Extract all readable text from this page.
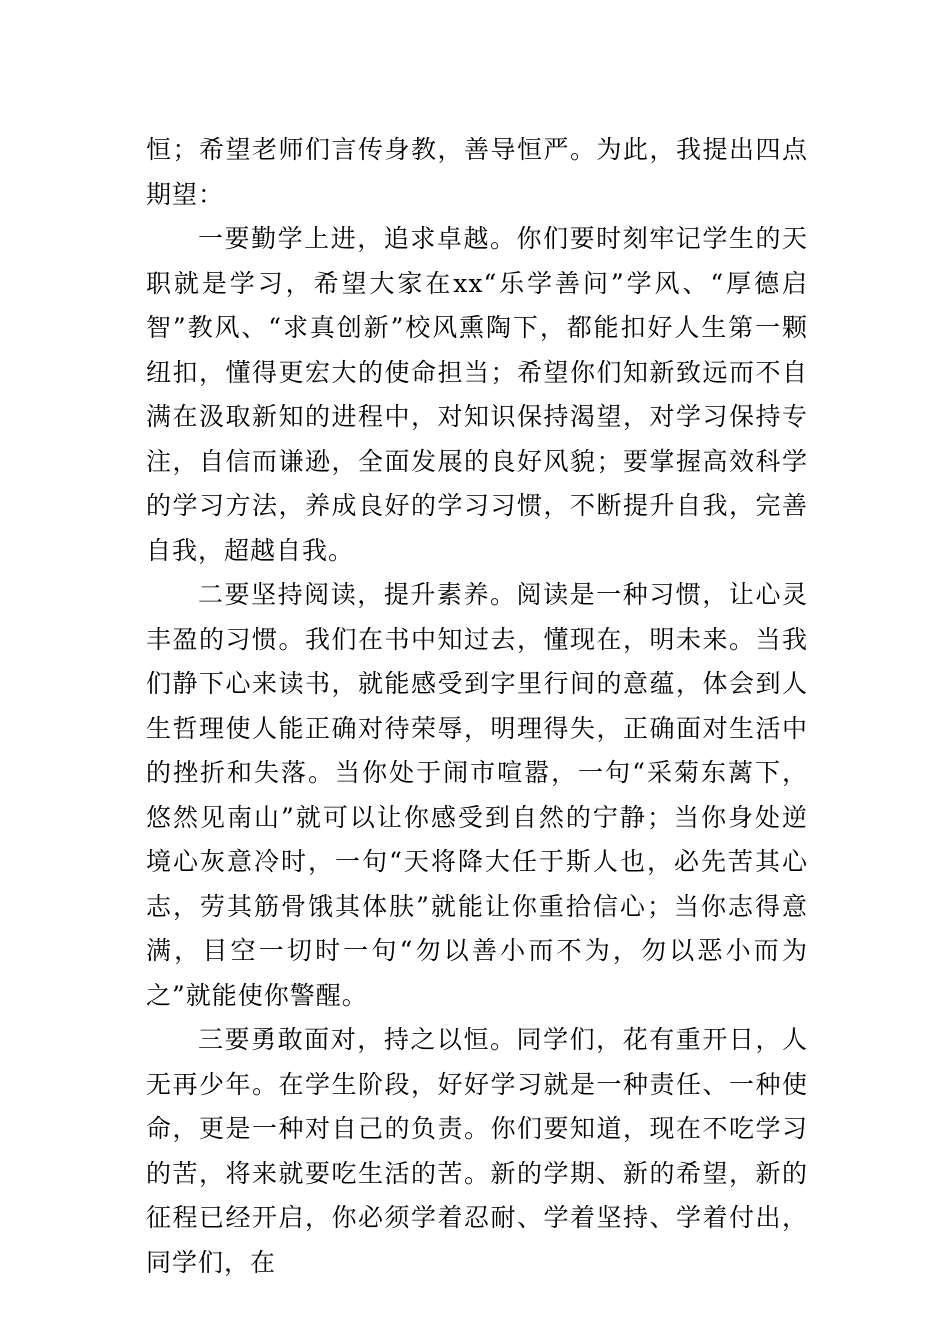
恒；希望老师们言传身教，善导恒严。为此，我提出四点期望：

一要勤学上进，追求卓越。你们要时刻牢记学生的天职就是学习，希望大家在xx“乐学善问”学风、“厚德启智”教风、“求真创新”校风熏陶下，都能扣好人生第一颗纽扣，懂得更宏大的使命担当；希望你们知新致远而不自满在汲取新知的进程中，对知识保持渴望，对学习保持专注，自信而谦逊，全面发展的良好风貌；要掌握高效科学的学习方法，养成良好的学习习惯，不断提升自我，完善自我，超越自我。

二要坚持阅读，提升素养。阅读是一种习惯，让心灵丰盈的习惯。我们在书中知过去，懂现在，明未来。当我们静下心来读书，就能感受到字里行间的意蕴，体会到人生哲理使人能正确对待荣辱，明理得失，正确面对生活中的挫折和失落。当你处于闹市喧嚣，一句“采菊东蓠下，悠然见南山”就可以让你感受到自然的宁静；当你身处逆境心灰意冷时，一句“天将降大任于斯人也，必先苦其心志，劳其筋骨饿其体肤”就能让你重拾信心；当你志得意满，目空一切时一句“勿以善小而不为，勿以恶小而为之”就能使你警醒。

三要勇敢面对，持之以恒。同学们，花有重开日，人无再少年。在学生阶段，好好学习就是一种责任、一种使命，更是一种对自己的负责。你们要知道，现在不吃学习的苦，将来就要吃生活的苦。新的学期、新的希望，新的征程已经开启，你必须学着忍耐、学着坚持、学着付出，同学们，在
